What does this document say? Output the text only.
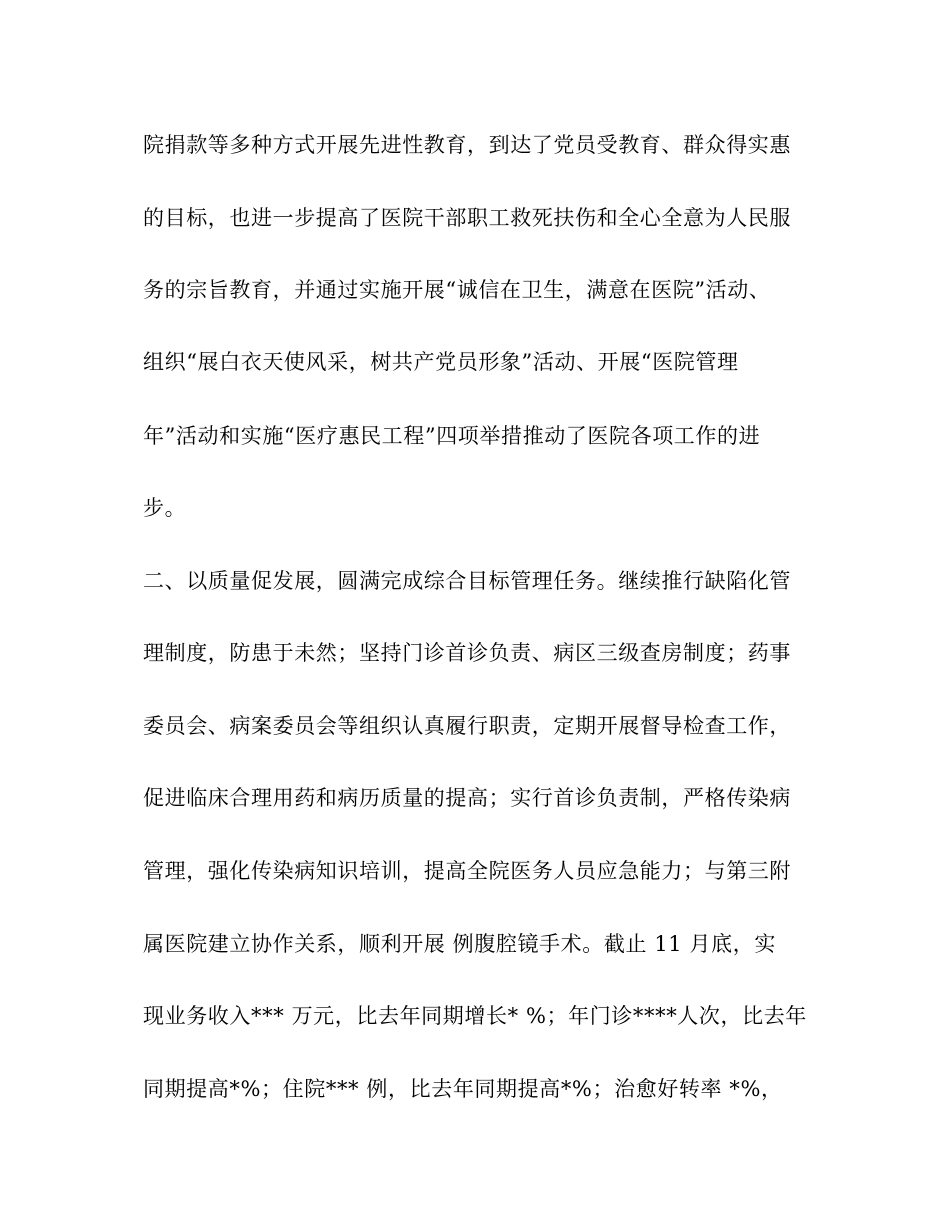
院捐款等多种方式开展先进性教育，到达了党员受教育、群众得实惠
的目标，也进一步提高了医院干部职工救死扶伤和全心全意为人民服
务的宗旨教育，并通过实施开展“诚信在卫生，满意在医院”活动、
组织“展白衣天使风采，树共产党员形象”活动、开展“医院管理
年”活动和实施“医疗惠民工程”四项举措推动了医院各项工作的进
步。
二、以质量促发展，圆满完成综合目标管理任务。继续推行缺陷化管
理制度，防患于未然；坚持门诊首诊负责、病区三级查房制度；药事
委员会、病案委员会等组织认真履行职责，定期开展督导检查工作，
促进临床合理用药和病历质量的提高；实行首诊负责制，严格传染病
管理，强化传染病知识培训，提高全院医务人员应急能力；与第三附
属医院建立协作关系，顺利开展 例腹腔镜手术。截止 11 月底，实
现业务收入*** 万元，比去年同期增长* %；年门诊****人次，比去年
同期提高*%；住院*** 例，比去年同期提高*%；治愈好转率 *%，
